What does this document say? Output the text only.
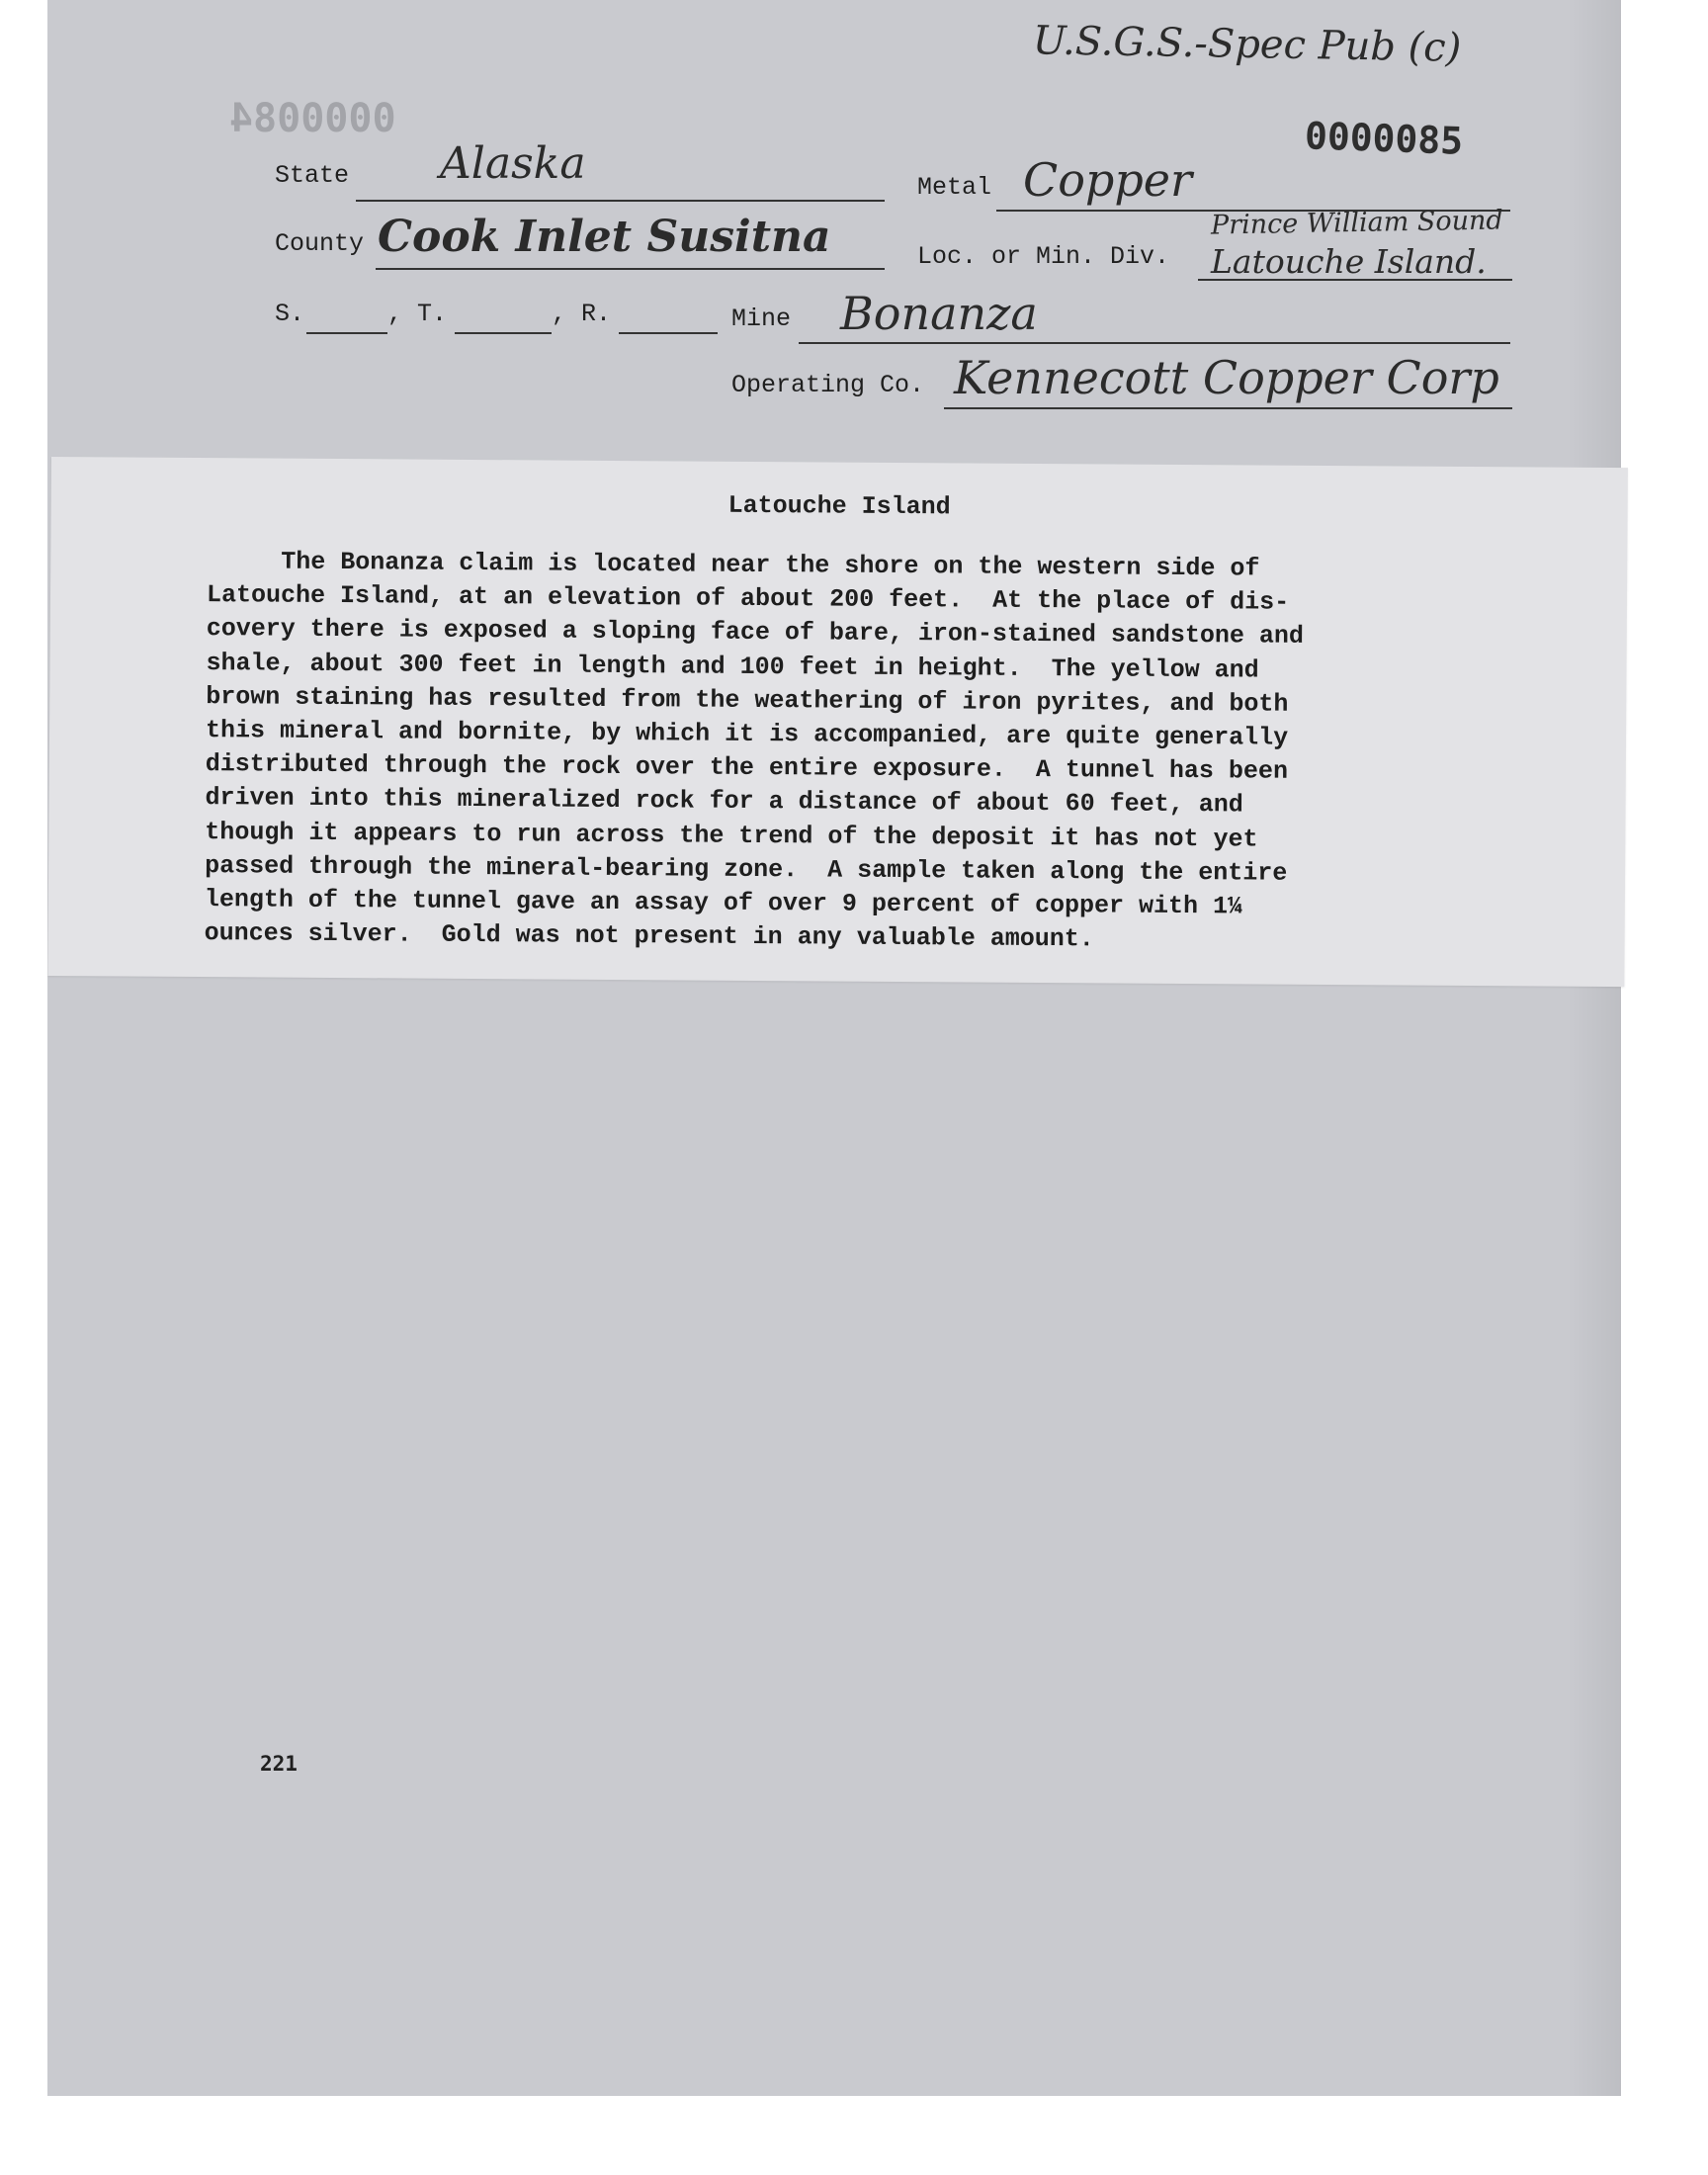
U.S.G.S.-Spec Pub (c)
0000084	0000085
State Alaska	Metal Copper
County Cook Inlet Susitna	Loc. or Min. Div.
Prince William Sound
Latouche Island.
S.	, T.	, R.	Mine Bonanza
Operating Co. Kennecott Copper Corp
Latouche Island
The Bonanza claim is located near the shore on the western side of
Latouche Island, at an elevation of about 200 feet.  At the place of dis-
covery there is exposed a sloping face of bare, iron-stained sandstone and
shale, about 300 feet in length and 100 feet in height.  The yellow and
brown staining has resulted from the weathering of iron pyrites, and both
this mineral and bornite, by which it is accompanied, are quite generally
distributed through the rock over the entire exposure.  A tunnel has been
driven into this mineralized rock for a distance of about 60 feet, and
though it appears to run across the trend of the deposit it has not yet
passed through the mineral-bearing zone.  A sample taken along the entire
length of the tunnel gave an assay of over 9 percent of copper with 1¼
ounces silver.  Gold was not present in any valuable amount.
221
